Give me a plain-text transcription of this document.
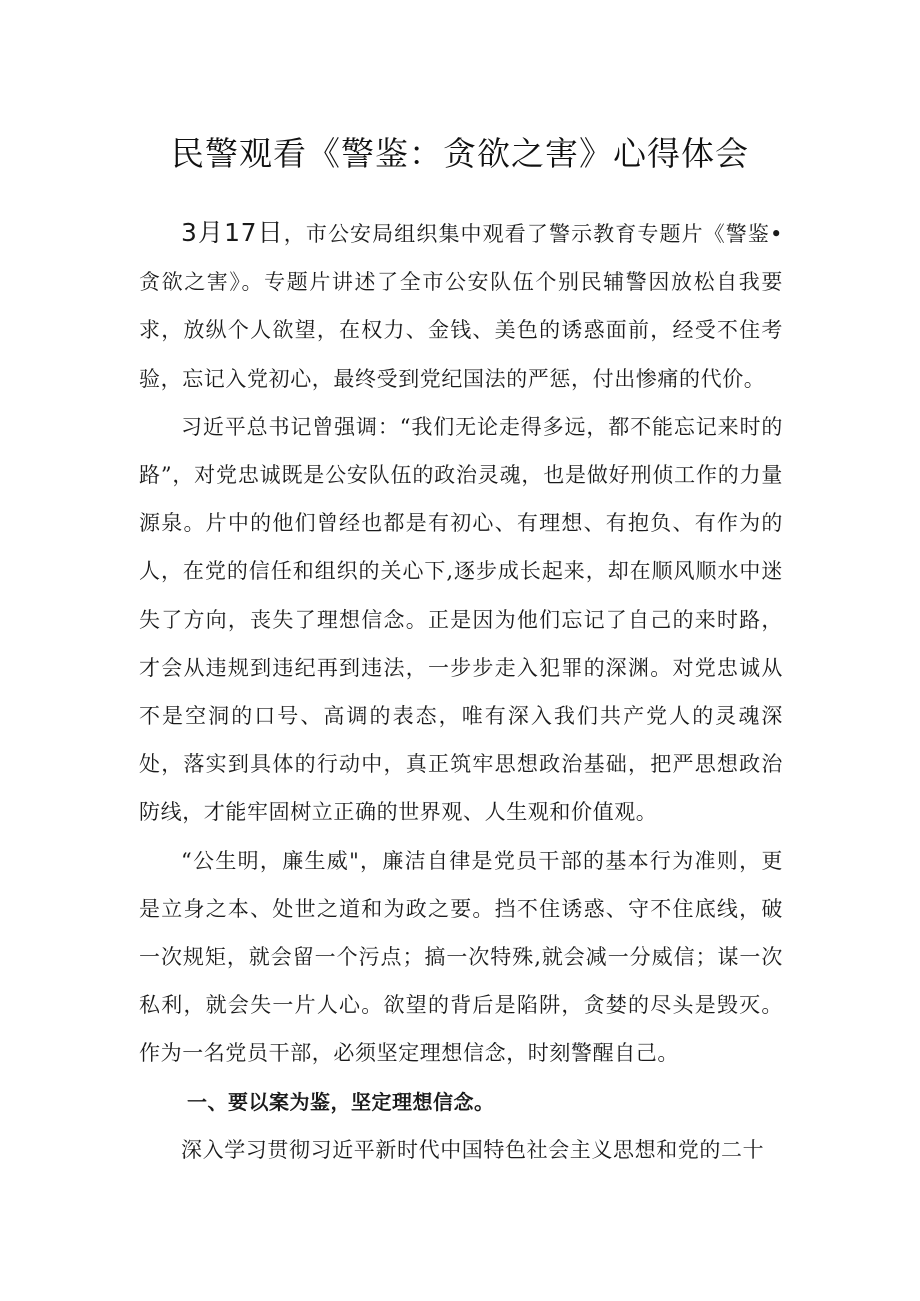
民警观看《警鉴：贪欲之害》心得体会

3月17日，市公安局组织集中观看了警示教育专题片《警鉴•贪欲之害》。专题片讲述了全市公安队伍个别民辅警因放松自我要求，放纵个人欲望，在权力、金钱、美色的诱惑面前，经受不住考验，忘记入党初心，最终受到党纪国法的严惩，付出惨痛的代价。

习近平总书记曾强调：“我们无论走得多远，都不能忘记来时的路”，对党忠诚既是公安队伍的政治灵魂，也是做好刑侦工作的力量源泉。片中的他们曾经也都是有初心、有理想、有抱负、有作为的人，在党的信任和组织的关心下,逐步成长起来，却在顺风顺水中迷失了方向，丧失了理想信念。正是因为他们忘记了自己的来时路，才会从违规到违纪再到违法，一步步走入犯罪的深渊。对党忠诚从不是空洞的口号、高调的表态，唯有深入我们共产党人的灵魂深处，落实到具体的行动中，真正筑牢思想政治基础，把严思想政治防线，才能牢固树立正确的世界观、人生观和价值观。

“公生明，廉生威"，廉洁自律是党员干部的基本行为准则，更是立身之本、处世之道和为政之要。挡不住诱惑、守不住底线，破一次规矩，就会留一个污点；搞一次特殊,就会减一分威信；谋一次私利，就会失一片人心。欲望的背后是陷阱，贪婪的尽头是毁灭。作为一名党员干部，必须坚定理想信念，时刻警醒自己。

一、要以案为鉴，坚定理想信念。

深入学习贯彻习近平新时代中国特色社会主义思想和党的二十
